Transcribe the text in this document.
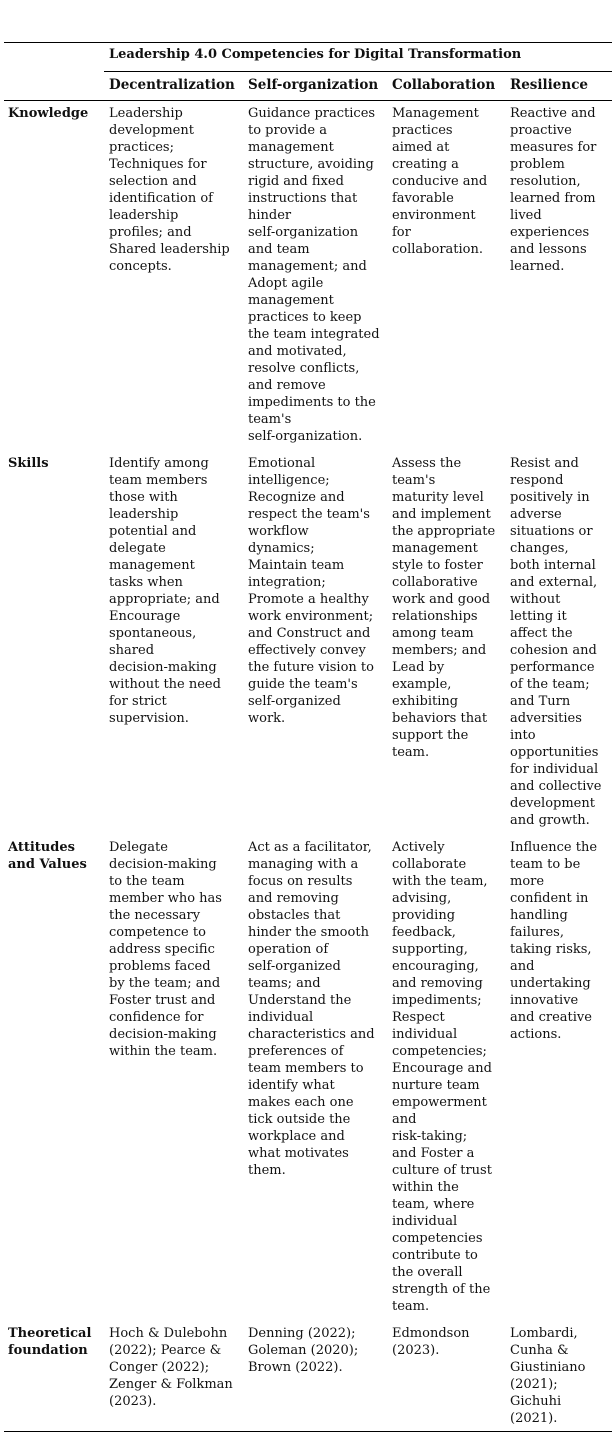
Leadership 4.0 Competencies for Digital Transformation
Decentralization Self-organization Collaboration Resilience
Knowledge	Leadership
development
practices;
Techniques for
selection and
identification of
leadership
profiles; and
Shared leadership
concepts.
Guidance practices
to provide a
management
structure, avoiding
rigid and fixed
instructions that
hinder
self-organization
and team
management; and
Adopt agile
management
practices to keep
the team integrated
and motivated,
resolve conflicts,
and remove
impediments to the
team's
self-organization.
Management
practices
aimed at
creating a
conducive and
favorable
environment
for
collaboration.
Reactive and
proactive
measures for
problem
resolution,
learned from
lived
experiences
and lessons
learned.
Skills	Identify among
team members
those with
leadership
potential and
delegate
management
tasks when
appropriate; and
Encourage
spontaneous,
shared
decision-making
without the need
for strict
supervision.
Emotional
intelligence;
Recognize and
respect the team's
workflow
dynamics;
Maintain team
integration;
Promote a healthy
work environment;
and Construct and
effectively convey
the future vision to
guide the team's
self-organized
work.
Assess the
team's
maturity level
and implement
the appropriate
management
style to foster
collaborative
work and good
relationships
among team
members; and
Lead by
example,
exhibiting
behaviors that
support the
team.
Resist and
respond
positively in
adverse
situations or
changes,
both internal
and external,
without
letting it
affect the
cohesion and
performance
of the team;
and Turn
adversities
into
opportunities
for individual
and collective
development
and growth.
Attitudes
and Values
Delegate
decision-making
to the team
member who has
the necessary
competence to
address specific
problems faced
by the team; and
Foster trust and
confidence for
decision-making
within the team.
Act as a facilitator,
managing with a
focus on results
and removing
obstacles that
hinder the smooth
operation of
self-organized
teams; and
Understand the
individual
characteristics and
preferences of
team members to
identify what
makes each one
tick outside the
workplace and
what motivates
them.
Actively
collaborate
with the team,
advising,
providing
feedback,
supporting,
encouraging,
and removing
impediments;
Respect
individual
competencies;
Encourage and
nurture team
empowerment
and
risk-taking;
and Foster a
culture of trust
within the
team, where
individual
competencies
contribute to
the overall
strength of the
team.
Influence the
team to be
more
confident in
handling
failures,
taking risks,
and
undertaking
innovative
and creative
actions.
Theoretical
foundation
Hoch & Dulebohn
(2022); Pearce &
Conger (2022);
Zenger & Folkman
(2023).
Denning (2022);
Goleman (2020);
Brown (2022).
Edmondson
(2023).
Lombardi,
Cunha &
Giustiniano
(2021);
Gichuhi
(2021).
